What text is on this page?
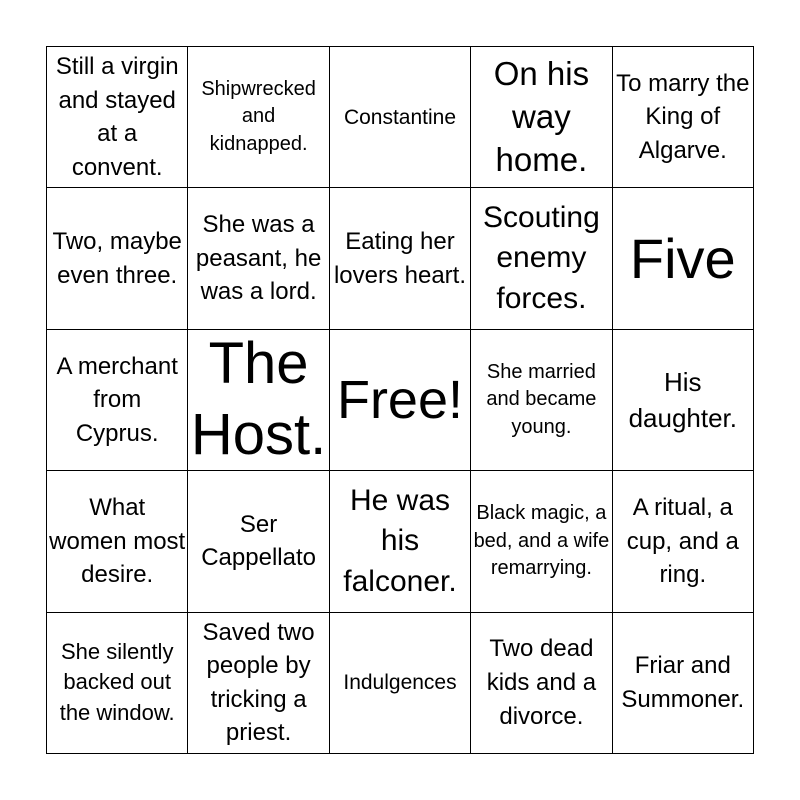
Still a virgin and stayed at a convent.
Shipwrecked and kidnapped.
Constantine
On his way home.
To marry the King of Algarve.
Two, maybe even three.
She was a peasant, he was a lord.
Eating her lovers heart.
Scouting enemy forces.
Five
A merchant from Cyprus.
The Host.
Free!	She married and became young.
His daughter.
What women most desire.
Ser Cappellato
He was his falconer.
Black magic, a bed, and a wife remarrying.
A ritual, a cup, and a ring.
She silently backed out the window.
Saved two people by tricking a priest.
Indulgences
Two dead kids and a divorce.
Friar and Summoner.
